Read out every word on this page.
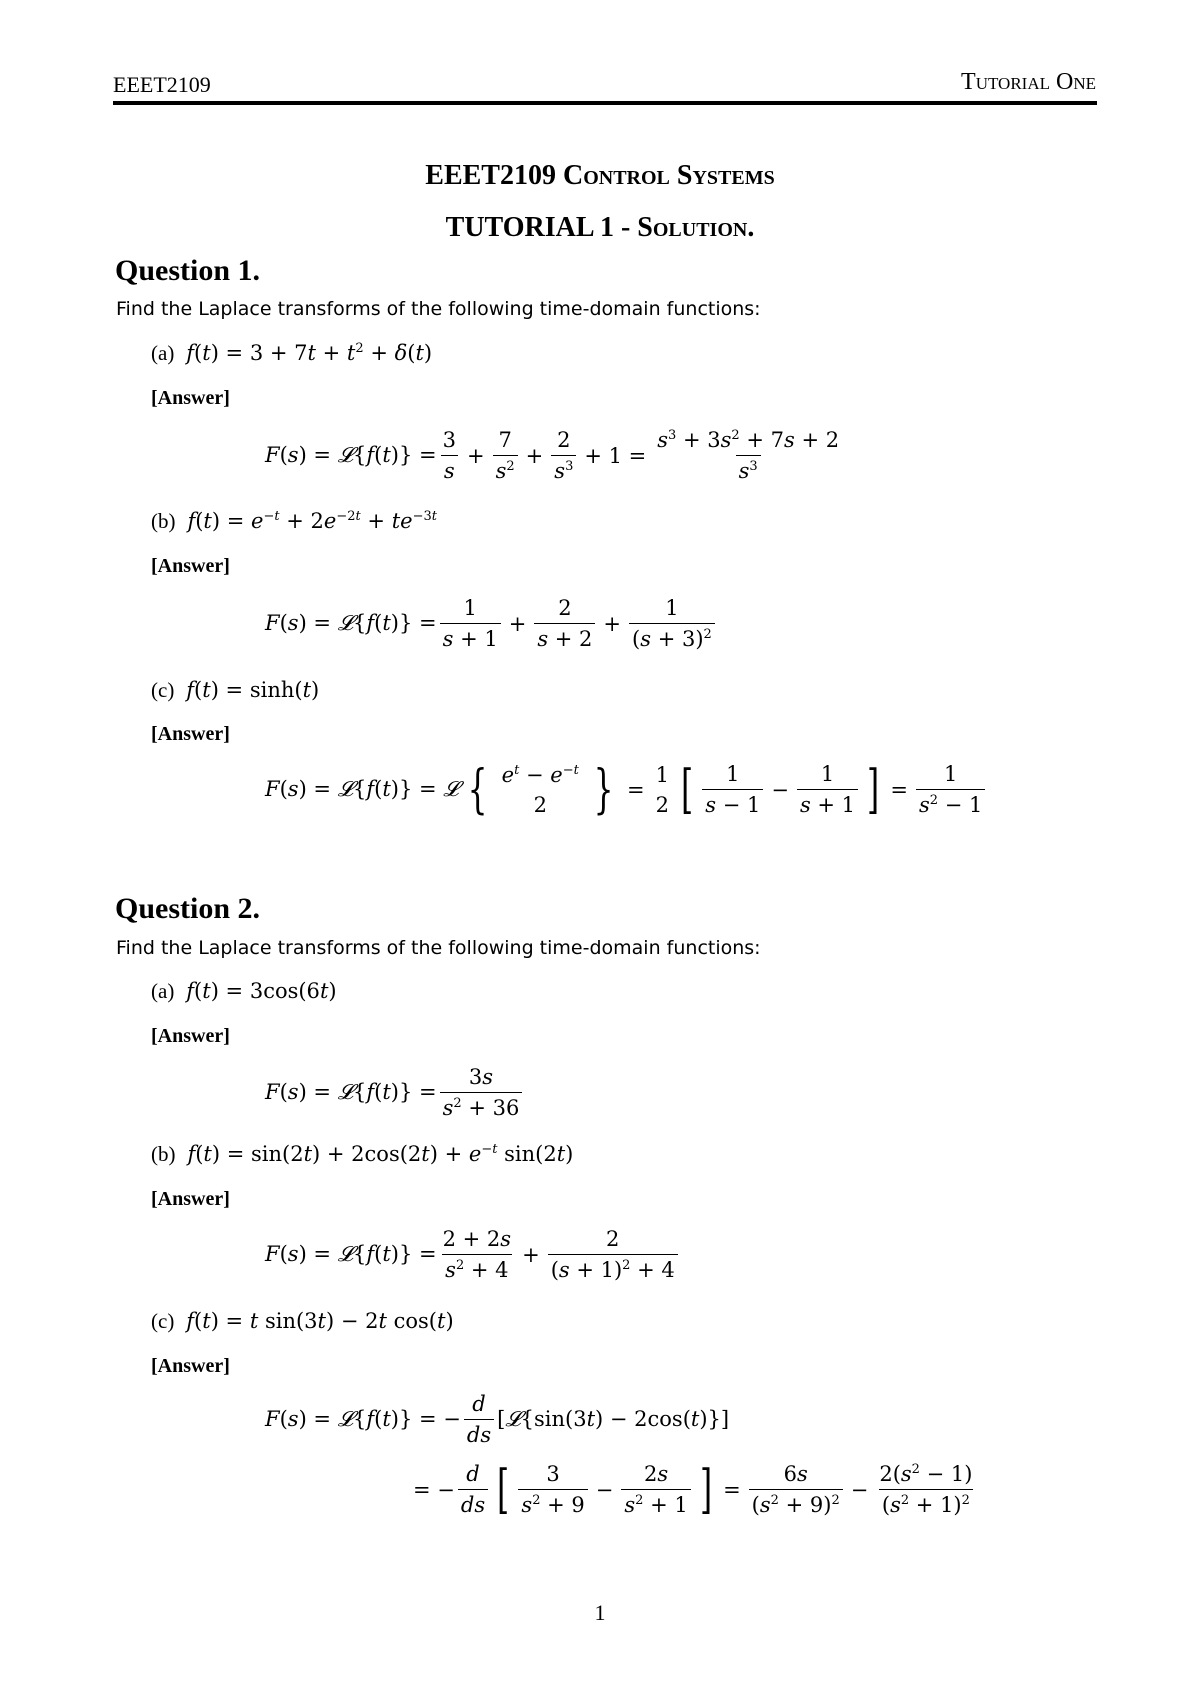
EEET2109	Tutorial One
EEET2109 Control Systems
TUTORIAL 1 - Solution.
Question 1.
Find the Laplace transforms of the following time-domain functions:
(a) $f(t) = 3 + 7t + t^2 + \delta(t)$
[Answer]
F(s) = 𝓛{f(t)} = $\frac{3}{s} + \frac{7}{s^2} + \frac{2}{s^3} + 1 = \frac{s^3 + 3s^2 + 7s + 2}{s^3}$
(b) $f(t) = e^{-t} + 2e^{-2t} + te^{-3t}$
[Answer]
F(s) = 𝓛{f(t)} = $\frac{1}{s + 1} + \frac{2}{s + 2} + \frac{1}{(s + 3)^2}$
(c) f(t) = sinh(t)
[Answer]
F(s) = 𝓛{f(t)} = 𝓛 { $e^t - e^{-t}$
2 } =
1
2 [ 1
s − 1
− $\frac{1}{s + 1}$ ] = $\frac{1}{s^2 - 1}$
Question 2.
Find the Laplace transforms of the following time-domain functions:
(a) f(t) = 3cos(6t)
[Answer]
F(s) = 𝓛{f(t)} = $\frac{3s}{s^2 + 36}$
(b) $f(t) = \sin(2t) + 2\cos(2t) + e^{-t}$ sin(2t)
[Answer]
F(s) = 𝓛{f(t)} = $\frac{2 + 2s}{s^2 + 4} + \frac{2}{(s + 1)^2 + 4}$
(c) f(t) = t sin(3t) − 2t cos(t)
[Answer]
F(s) = 𝓛{f(t)} = − $\frac{d}{ds}$ [𝓛{sin(3t) − 2cos(t)}]
= − $\frac{d}{ds}$ [ 3
$s^2 + 9$
− $\frac{2s}{s^2 + 1}$ ] = $\frac{6s}{(s^2 + 9)^2} - \frac{2(s^2 - 1)}{(s^2 + 1)^2}$
1
